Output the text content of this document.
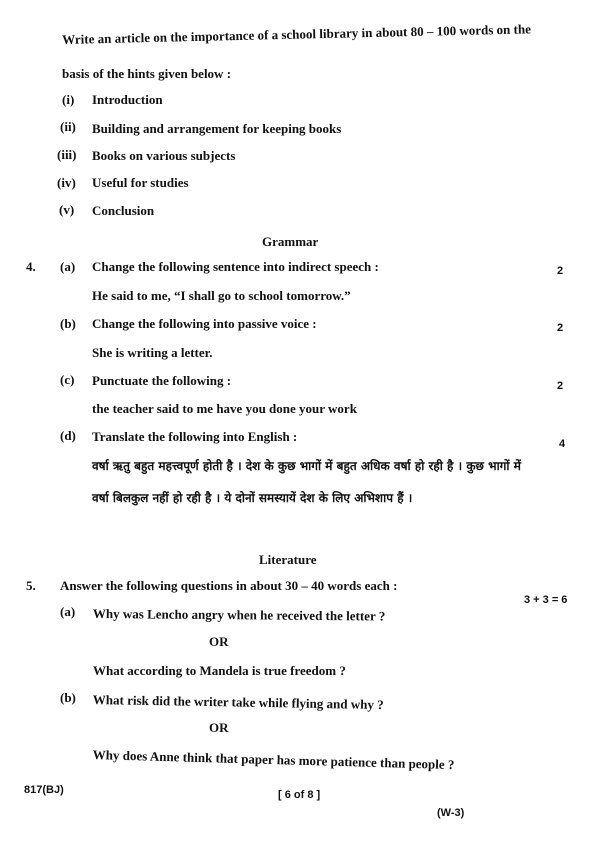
Write an article on the importance of a school library in about 80 – 100 words on the
basis of the hints given below :
(i) Introduction
(ii) Building and arrangement for keeping books
(iii) Books on various subjects
(iv) Useful for studies
(v) Conclusion
Grammar
4. (a) Change the following sentence into indirect speech :	2
He said to me, “I shall go to school tomorrow.”
(b) Change the following into passive voice :	2
She is writing a letter.
(c) Punctuate the following :	2
the teacher said to me have you done your work
(d) Translate the following into English :	4
वर्षा ऋतु बहुत महत्त्वपूर्ण होती है । देश के कुछ भागों में बहुत अधिक वर्षा हो रही है । कुछ भागों में
वर्षा बिलकुल नहीं हो रही है । ये दोनों समस्यायें देश के लिए अभिशाप हैं ।
Literature
5. Answer the following questions in about 30 – 40 words each :
3 + 3 = 6
(a) Why was Lencho angry when he received the letter ?
OR
What according to Mandela is true freedom ?
(b) What risk did the writer take while flying and why ?
OR
Why does Anne think that paper has more patience than people ?
817(BJ)	[ 6 of 8 ]
(W-3)
